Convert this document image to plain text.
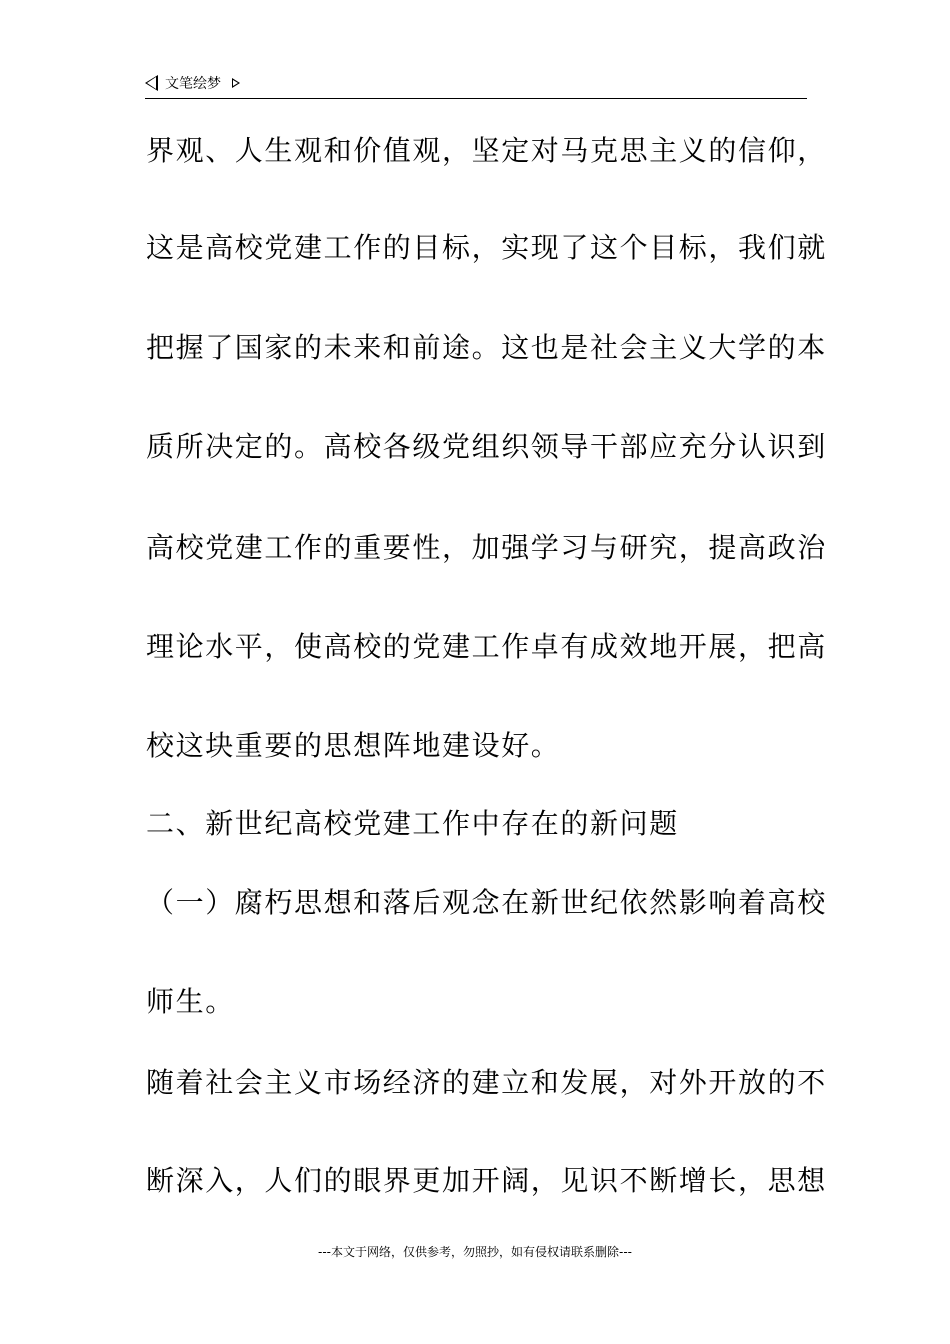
文笔绘梦
界观、人生观和价值观，坚定对马克思主义的信仰，
这是高校党建工作的目标，实现了这个目标，我们就
把握了国家的未来和前途。这也是社会主义大学的本
质所决定的。高校各级党组织领导干部应充分认识到
高校党建工作的重要性，加强学习与研究，提高政治
理论水平，使高校的党建工作卓有成效地开展，把高
校这块重要的思想阵地建设好。
二、新世纪高校党建工作中存在的新问题
（一）腐朽思想和落后观念在新世纪依然影响着高校
师生。
随着社会主义市场经济的建立和发展，对外开放的不
断深入，人们的眼界更加开阔，见识不断增长，思想
---本文于网络，仅供参考，勿照抄，如有侵权请联系删除---
